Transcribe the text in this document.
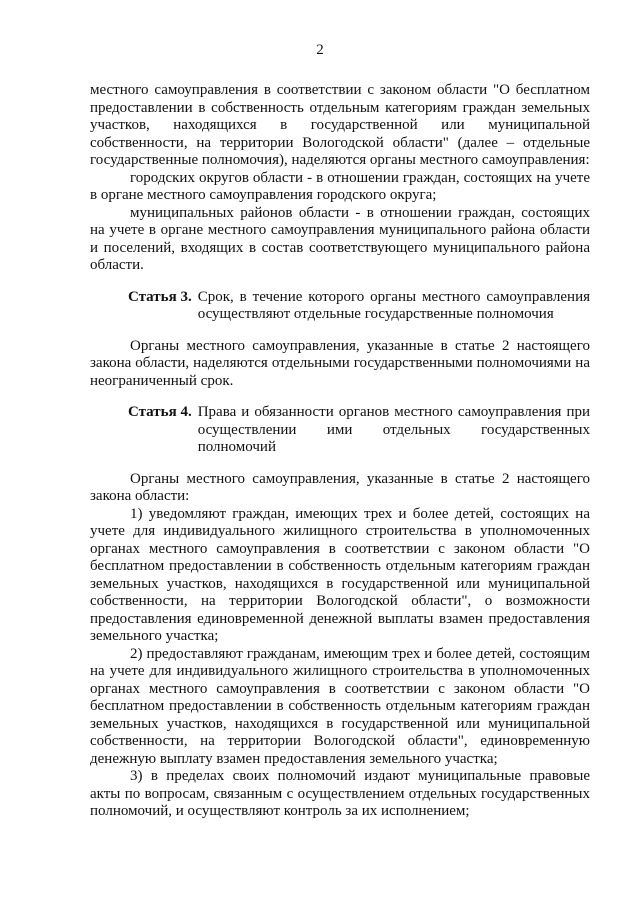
2

местного самоуправления в соответствии с законом области "О бесплатном предоставлении в собственность отдельным категориям граждан земельных участков, находящихся в государственной или муниципальной собственности, на территории Вологодской области" (далее – отдельные государственные полномочия), наделяются органы местного самоуправления:

городских округов области - в отношении граждан, состоящих на учете в органе местного самоуправления городского округа;

муниципальных районов области - в отношении граждан, состоящих на учете в органе местного самоуправления муниципального района области и поселений, входящих в состав соответствующего муниципального района области.

Статья 3. Срок, в течение которого органы местного самоуправления осуществляют отдельные государственные полномочия

Органы местного самоуправления, указанные в статье 2 настоящего закона области, наделяются отдельными государственными полномочиями на неограниченный срок.

Статья 4. Права и обязанности органов местного самоуправления при осуществлении ими отдельных государственных полномочий

Органы местного самоуправления, указанные в статье 2 настоящего закона области:

1) уведомляют граждан, имеющих трех и более детей, состоящих на учете для индивидуального жилищного строительства в уполномоченных органах местного самоуправления в соответствии с законом области "О бесплатном предоставлении в собственность отдельным категориям граждан земельных участков, находящихся в государственной или муниципальной собственности, на территории Вологодской области", о возможности предоставления единовременной денежной выплаты взамен предоставления земельного участка;

2) предоставляют гражданам, имеющим трех и более детей, состоящим на учете для индивидуального жилищного строительства в уполномоченных органах местного самоуправления в соответствии с законом области "О бесплатном предоставлении в собственность отдельным категориям граждан земельных участков, находящихся в государственной или муниципальной собственности, на территории Вологодской области", единовременную денежную выплату взамен предоставления земельного участка;

3) в пределах своих полномочий издают муниципальные правовые акты по вопросам, связанным с осуществлением отдельных государственных полномочий, и осуществляют контроль за их исполнением;
